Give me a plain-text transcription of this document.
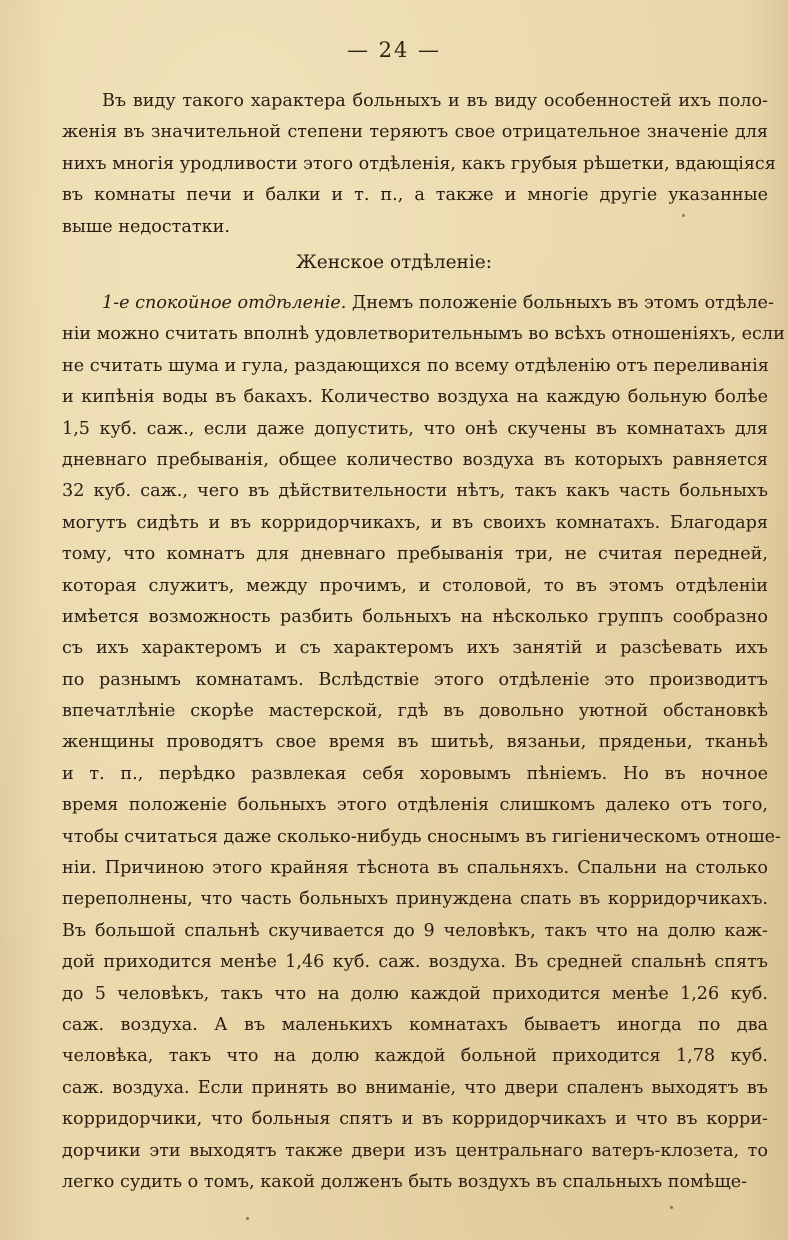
— 24 —
Въ виду такого характера больныхъ и въ виду особенностей ихъ поло-
женія въ значительной степени теряютъ свое отрицательное значеніе для
нихъ многія уродливости этого отдѣленія, какъ грубыя рѣшетки, вдающіяся
въ комнаты печи и балки и т. п., а также и многіе другіе указанные
выше недостатки.
Женское отдѣленіе:
1-е спокойное отдѣленіе. Днемъ положеніе больныхъ въ этомъ отдѣле-
ніи можно считать вполнѣ удовлетворительнымъ во всѣхъ отношеніяхъ, если
не считать шума и гула, раздающихся по всему отдѣленію отъ переливанія
и кипѣнія воды въ бакахъ. Количество воздуха на каждую больную болѣе
1,5 куб. саж., если даже допустить, что онѣ скучены въ комнатахъ для
дневнаго пребыванія, общее количество воздуха въ которыхъ равняется
32 куб. саж., чего въ дѣйствительности нѣтъ, такъ какъ часть больныхъ
могутъ сидѣть и въ корридорчикахъ, и въ своихъ комнатахъ. Благодаря
тому, что комнатъ для дневнаго пребыванія три, не считая передней,
которая служитъ, между прочимъ, и столовой, то въ этомъ отдѣленіи
имѣется возможность разбить больныхъ на нѣсколько группъ сообразно
съ ихъ характеромъ и съ характеромъ ихъ занятій и разсѣевать ихъ
по разнымъ комнатамъ. Вслѣдствіе этого отдѣленіе это производитъ
впечатлѣніе скорѣе мастерской, гдѣ въ довольно уютной обстановкѣ
женщины проводятъ свое время въ шитьѣ, вязаньи, пряденьи, тканьѣ
и т. п., перѣдко развлекая себя хоровымъ пѣніемъ. Но въ ночное
время положеніе больныхъ этого отдѣленія слишкомъ далеко отъ того,
чтобы считаться даже сколько-нибудь сноснымъ въ гигіеническомъ отноше-
ніи. Причиною этого крайняя тѣснота въ спальняхъ. Спальни на столько
переполнены, что часть больныхъ принуждена спать въ корридорчикахъ.
Въ большой спальнѣ скучивается до 9 человѣкъ, такъ что на долю каж-
дой приходится менѣе 1,46 куб. саж. воздуха. Въ средней спальнѣ спятъ
до 5 человѣкъ, такъ что на долю каждой приходится менѣе 1,26 куб.
саж. воздуха. А въ маленькихъ комнатахъ бываетъ иногда по два
человѣка, такъ что на долю каждой больной приходится 1,78 куб.
саж. воздуха. Если принять во вниманіе, что двери спаленъ выходятъ въ
корридорчики, что больныя спятъ и въ корридорчикахъ и что въ корри-
дорчики эти выходятъ также двери изъ центральнаго ватеръ-клозета, то
легко судить о томъ, какой долженъ быть воздухъ въ спальныхъ помѣще-
